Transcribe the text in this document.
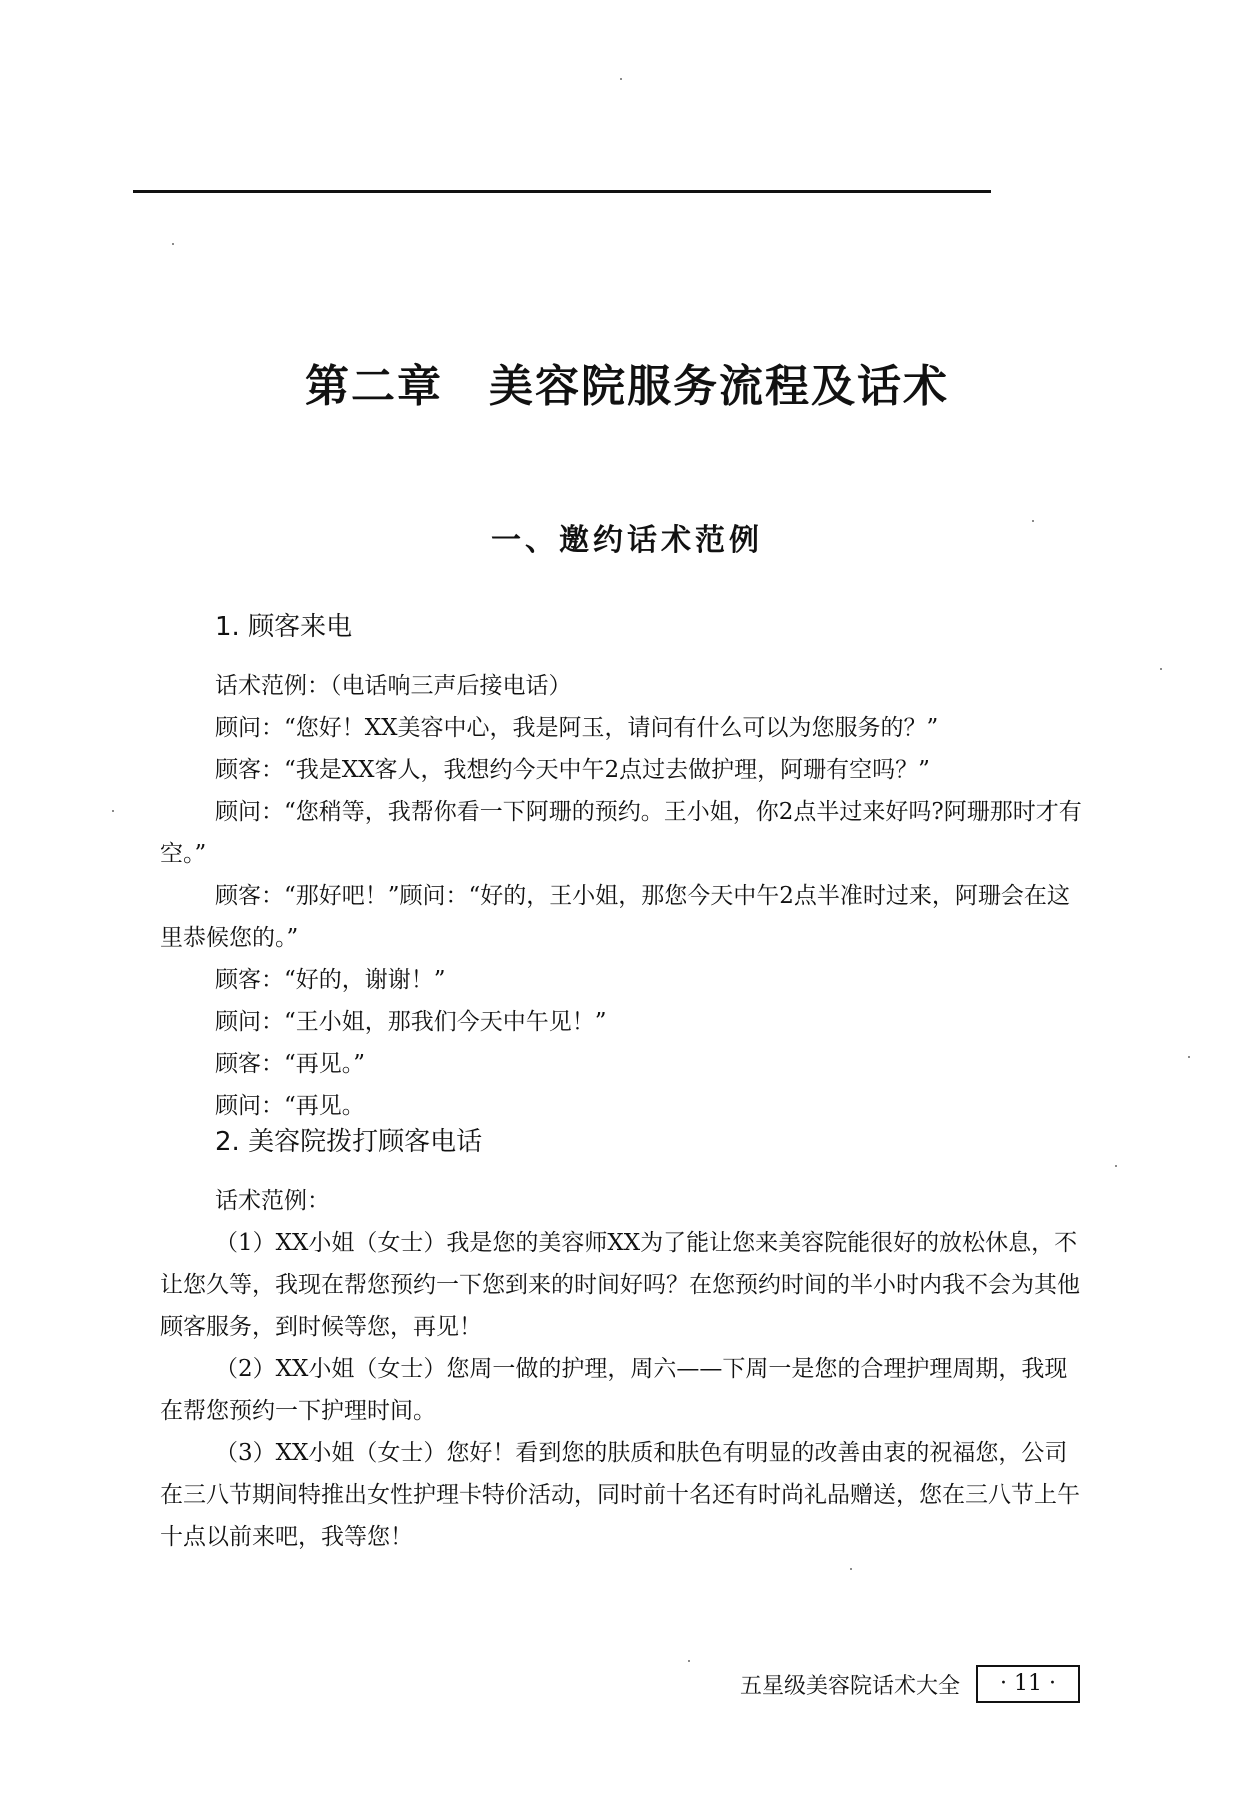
第二章　美容院服务流程及话术
一、邀约话术范例
1. 顾客来电
话术范例：（电话响三声后接电话）
顾问：“您好！XX美容中心，我是阿玉，请问有什么可以为您服务的？”
顾客：“我是XX客人，我想约今天中午2点过去做护理，阿珊有空吗？”
顾问：“您稍等，我帮你看一下阿珊的预约。王小姐，你2点半过来好吗?阿珊那时才有空。”
顾客：“那好吧！”顾问：“好的，王小姐，那您今天中午2点半准时过来，阿珊会在这里恭候您的。”
顾客：“好的，谢谢！”
顾问：“王小姐，那我们今天中午见！”
顾客：“再见。”
顾问：“再见。
2. 美容院拨打顾客电话
话术范例：
（1）XX小姐（女士）我是您的美容师XX为了能让您来美容院能很好的放松休息，不让您久等，我现在帮您预约一下您到来的时间好吗？在您预约时间的半小时内我不会为其他顾客服务，到时候等您，再见！
（2）XX小姐（女士）您周一做的护理，周六——下周一是您的合理护理周期，我现在帮您预约一下护理时间。
（3）XX小姐（女士）您好！看到您的肤质和肤色有明显的改善由衷的祝福您，公司在三八节期间特推出女性护理卡特价活动，同时前十名还有时尚礼品赠送，您在三八节上午十点以前来吧，我等您！
五星级美容院话术大全	· 11 ·
